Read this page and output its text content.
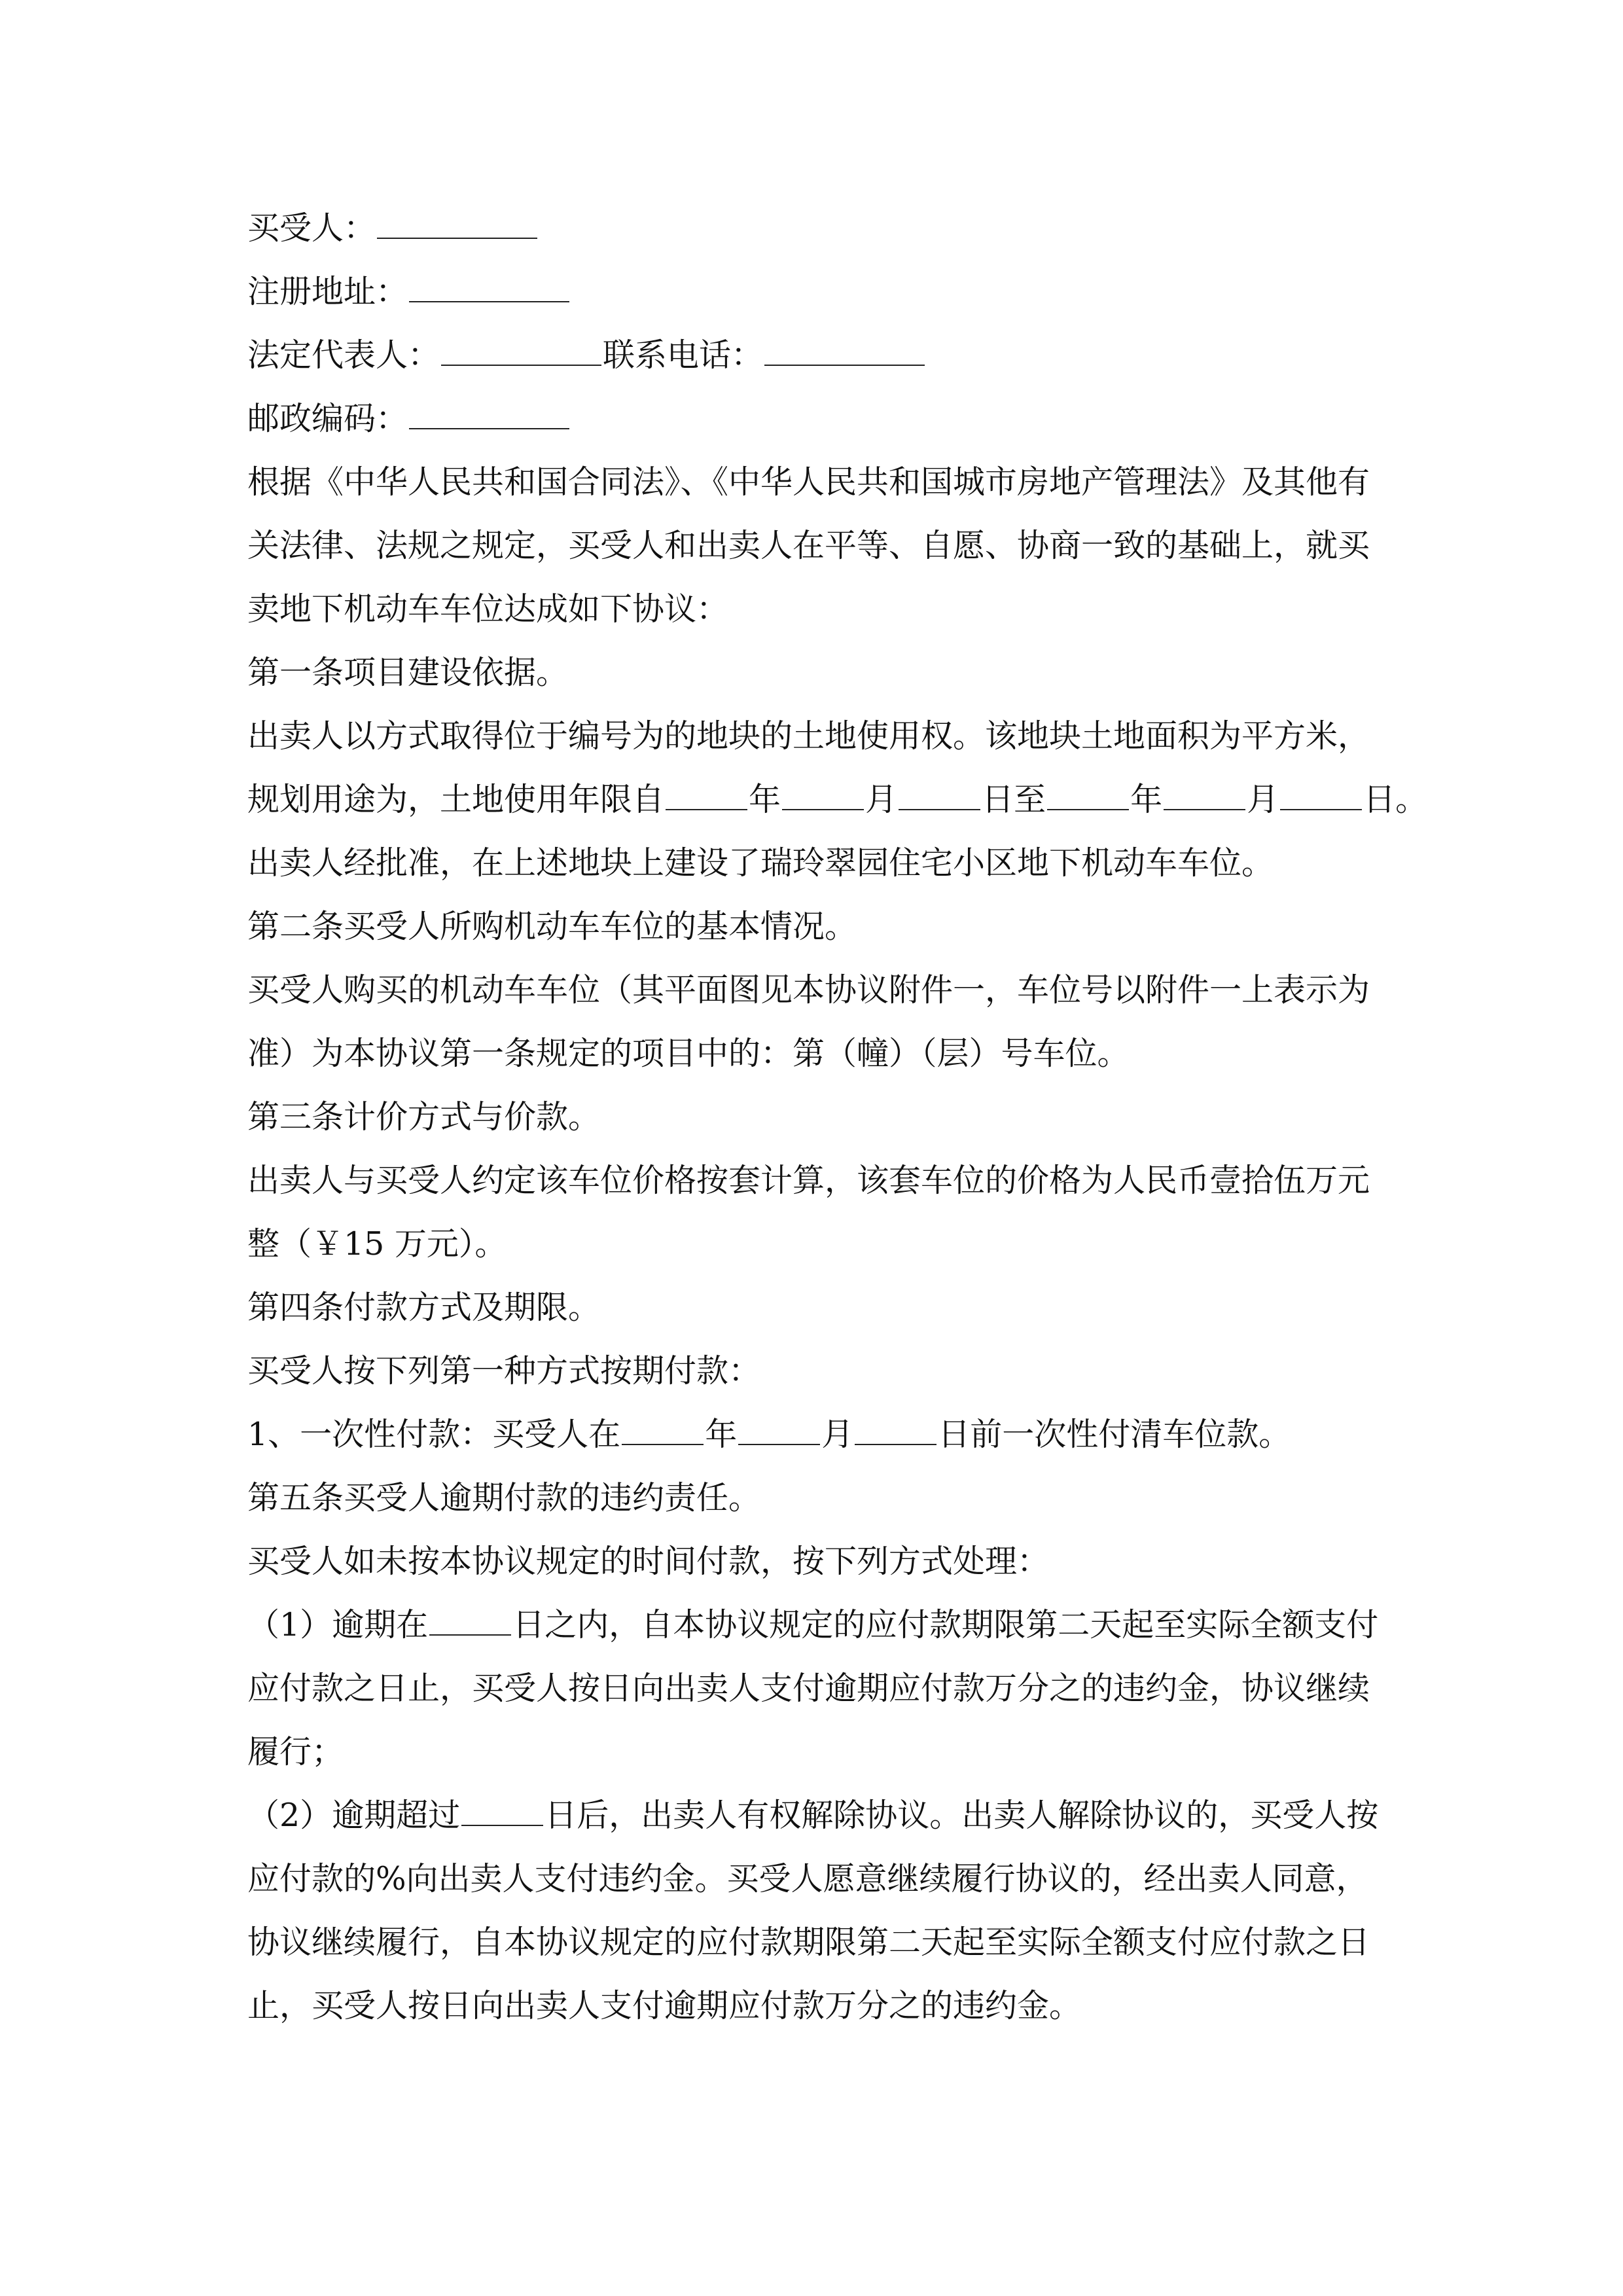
买受人：
注册地址：
法定代表人：	联系电话：
邮政编码：
根据《中华人民共和国合同法》、《中华人民共和国城市房地产管理法》及其他有
关法律、法规之规定，买受人和出卖人在平等、自愿、协商一致的基础上，就买
卖地下机动车车位达成如下协议：
第一条项目建设依据。
出卖人以方式取得位于编号为的地块的土地使用权。该地块土地面积为平方米，
规划用途为，土地使用年限自	年	月	日至	年	月	日。
出卖人经批准，在上述地块上建设了瑞玲翠园住宅小区地下机动车车位。
第二条买受人所购机动车车位的基本情况。
买受人购买的机动车车位（其平面图见本协议附件一，车位号以附件一上表示为
准）为本协议第一条规定的项目中的：第（幢）（层）号车位。
第三条计价方式与价款。
出卖人与买受人约定该车位价格按套计算，该套车位的价格为人民币壹拾伍万元
整（￥15 万元）。
第四条付款方式及期限。
买受人按下列第一种方式按期付款：
1、一次性付款：买受人在	年	月	日前一次性付清车位款。
第五条买受人逾期付款的违约责任。
买受人如未按本协议规定的时间付款，按下列方式处理：
（1）逾期在	日之内，自本协议规定的应付款期限第二天起至实际全额支付
应付款之日止，买受人按日向出卖人支付逾期应付款万分之的违约金，协议继续
履行；
（2）逾期超过	日后，出卖人有权解除协议。出卖人解除协议的，买受人按
应付款的%向出卖人支付违约金。买受人愿意继续履行协议的，经出卖人同意，
协议继续履行，自本协议规定的应付款期限第二天起至实际全额支付应付款之日
止，买受人按日向出卖人支付逾期应付款万分之的违约金。
